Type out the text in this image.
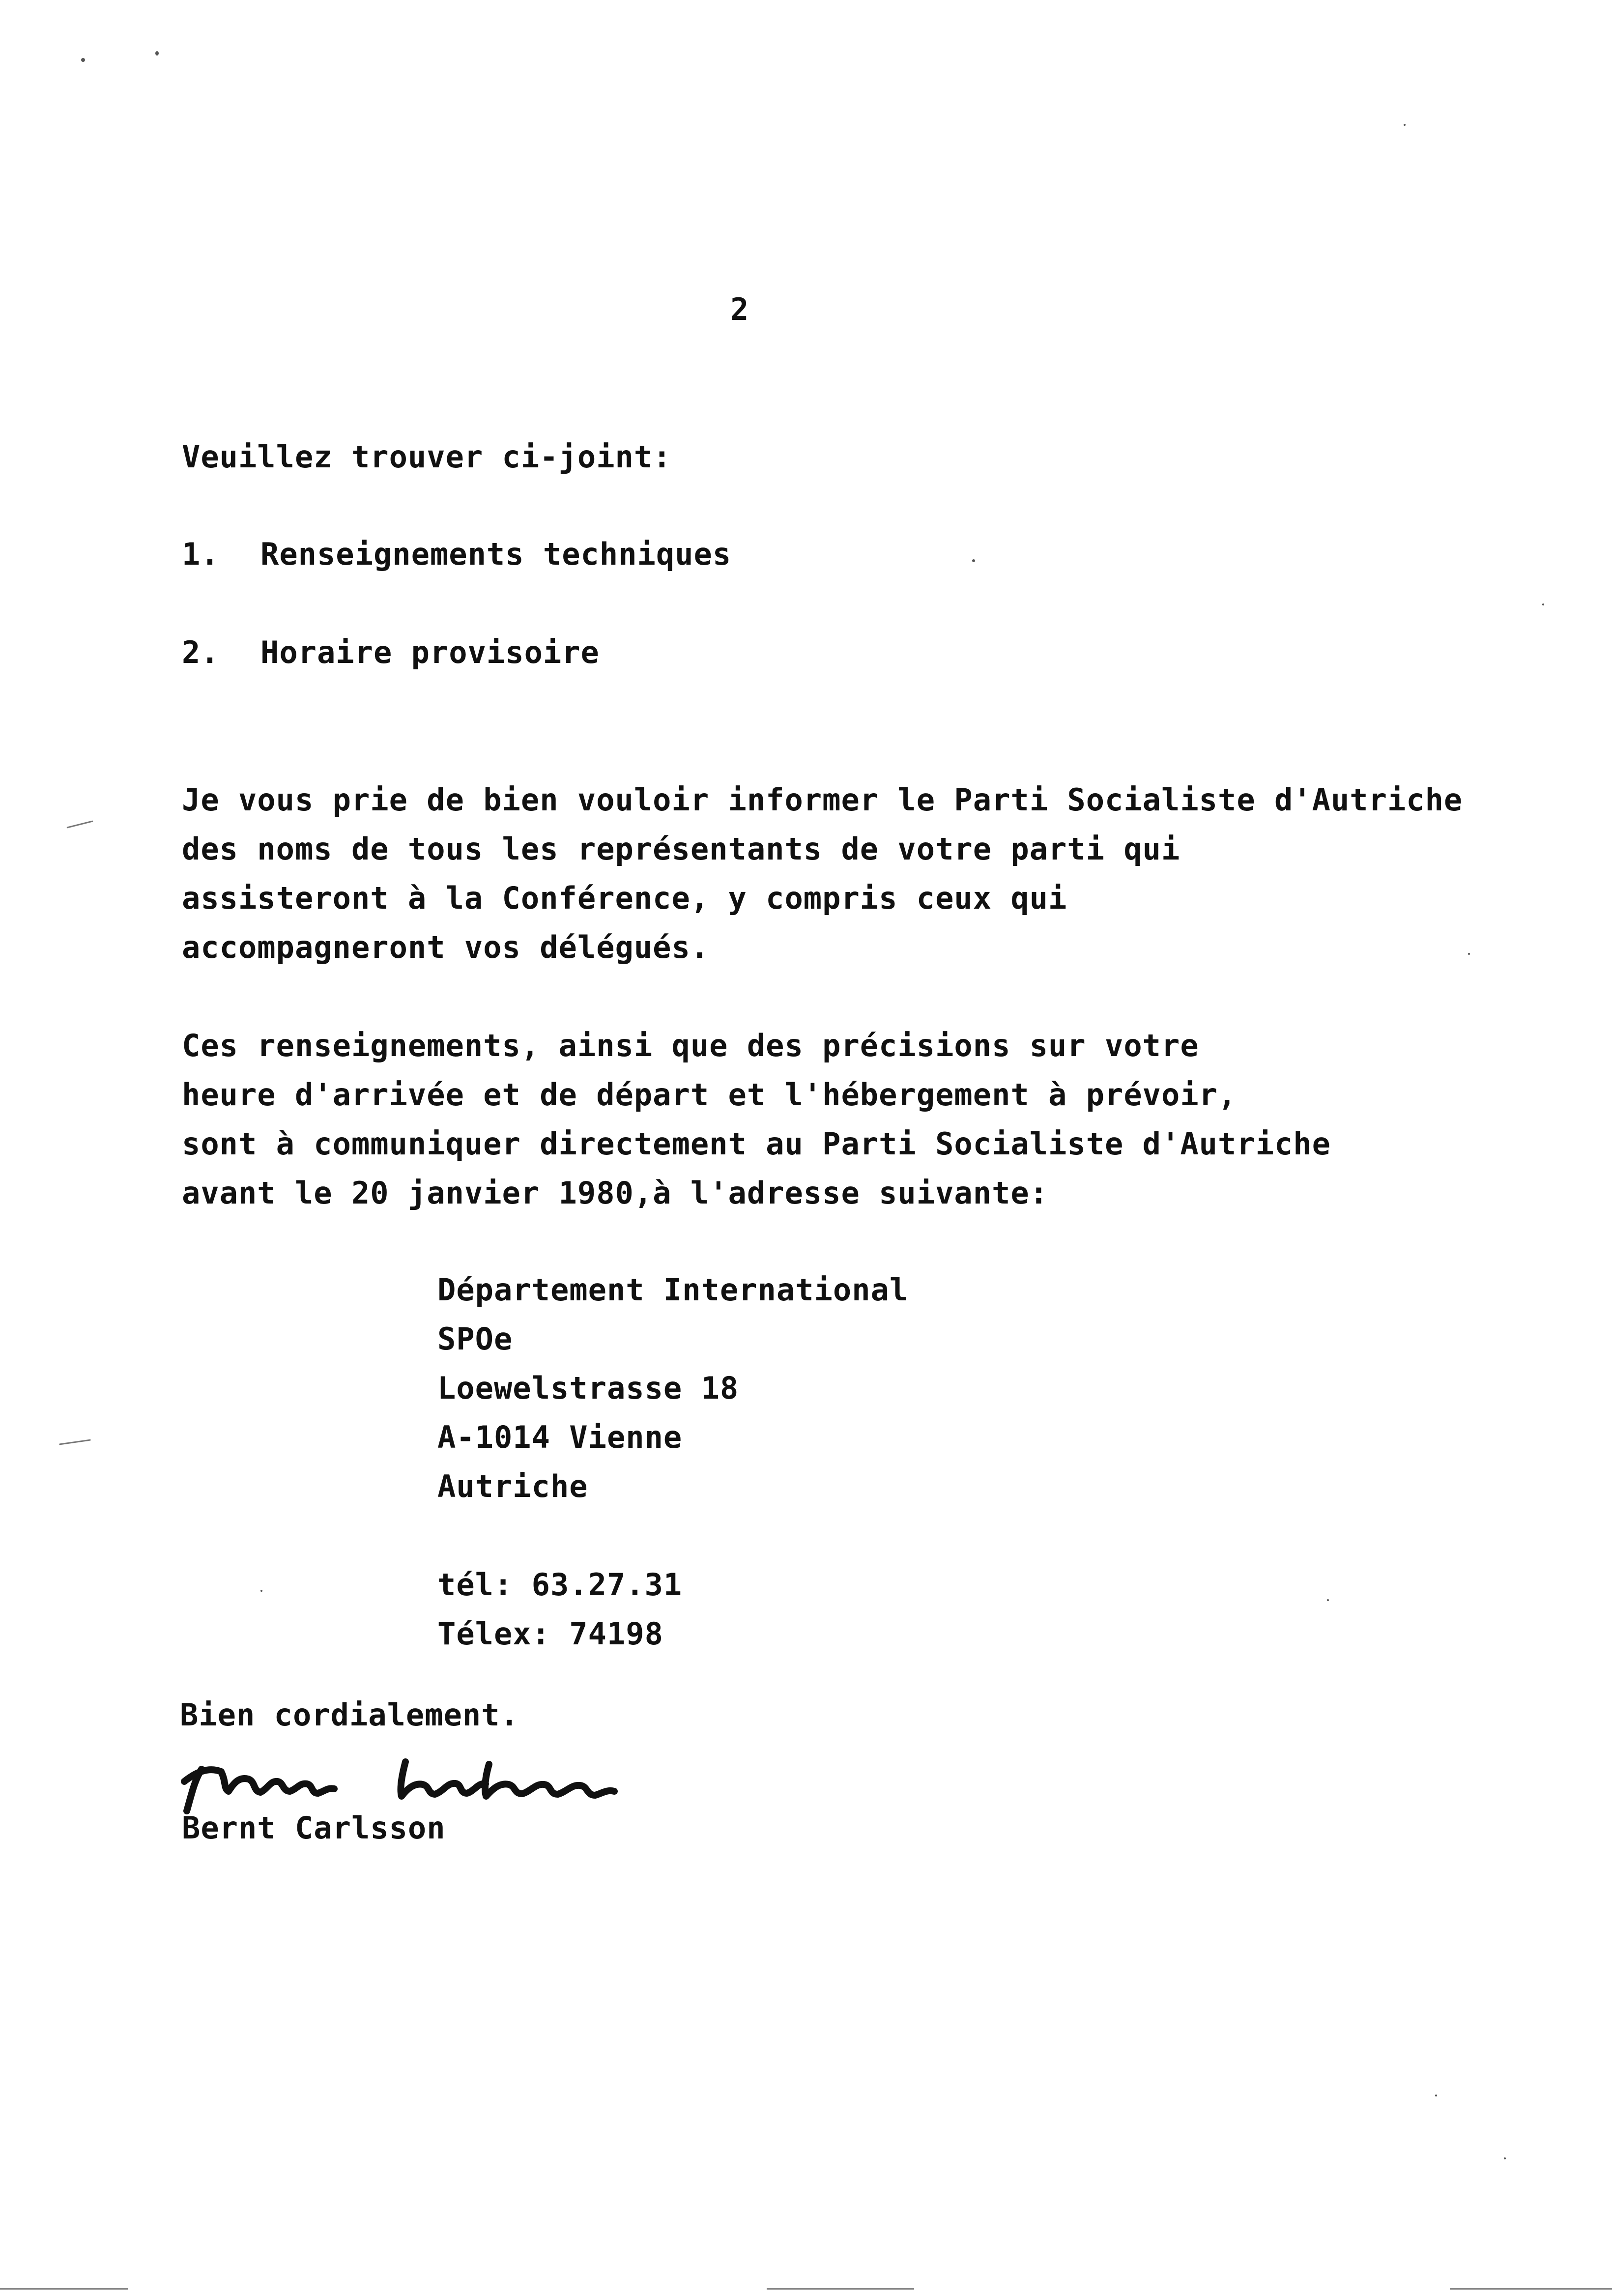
2
Veuillez trouver ci-joint:
1. Renseignements techniques
2. Horaire provisoire
Je vous prie de bien vouloir informer le Parti Socialiste d'Autriche
des noms de tous les représentants de votre parti qui
assisteront à la Conférence, y compris ceux qui
accompagneront vos délégués.
Ces renseignements, ainsi que des précisions sur votre
heure d'arrivée et de départ et l'hébergement à prévoir,
sont à communiquer directement au Parti Socialiste d'Autriche
avant le 20 janvier 1980,à l'adresse suivante:
Département International
SPOe
Loewelstrasse 18
A-1014 Vienne
Autriche
tél: 63.27.31
Télex: 74198
Bien cordialement.
Bernt Carlsson
